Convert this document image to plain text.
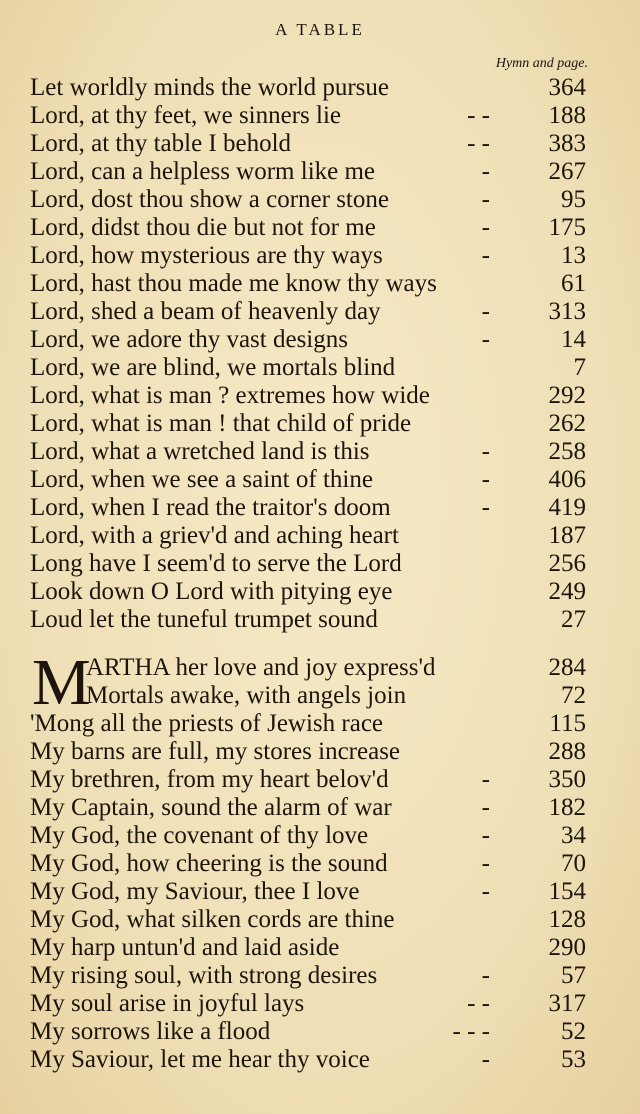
A TABLE
Hymn and page.
Let worldly minds the world pursue	364
Lord, at thy feet, we sinners lie	- -	188
Lord, at thy table I behold	- -	383
Lord, can a helpless worm like me	-	267
Lord, dost thou show a corner stone	-	95
Lord, didst thou die but not for me	-	175
Lord, how mysterious are thy ways	-	13
Lord, hast thou made me know thy ways	61
Lord, shed a beam of heavenly day	-	313
Lord, we adore thy vast designs	-	14
Lord, we are blind, we mortals blind	7
Lord, what is man ? extremes how wide	292
Lord, what is man ! that child of pride	262
Lord, what a wretched land is this	-	258
Lord, when we see a saint of thine	-	406
Lord, when I read the traitor's doom	-	419
Lord, with a griev'd and aching heart	187
Long have I seem'd to serve the Lord	256
Look down O Lord with pitying eye	249
Loud let the tuneful trumpet sound	27
M
ARTHA her love and joy express'd	284
Mortals awake, with angels join	72
'Mong all the priests of Jewish race	115
My barns are full, my stores increase	288
My brethren, from my heart belov'd	-	350
My Captain, sound the alarm of war	-	182
My God, the covenant of thy love	-	34
My God, how cheering is the sound	-	70
My God, my Saviour, thee I love	-	154
My God, what silken cords are thine	128
My harp untun'd and laid aside	290
My rising soul, with strong desires	-	57
My soul arise in joyful lays	- -	317
My sorrows like a flood	- - -	52
My Saviour, let me hear thy voice	-	53
